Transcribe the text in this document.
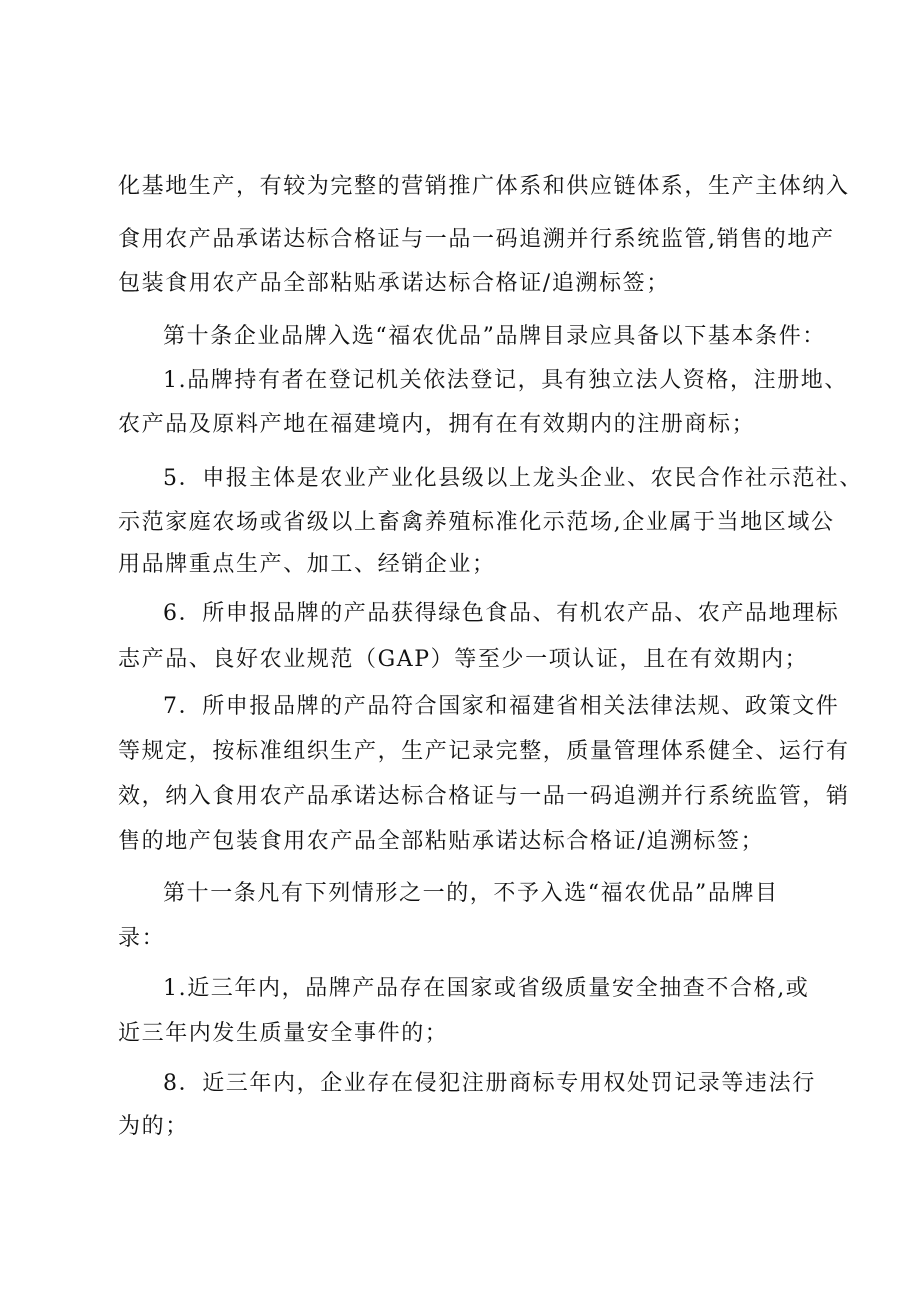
化基地生产，有较为完整的营销推广体系和供应链体系，生产主体纳入
食用农产品承诺达标合格证与一品一码追溯并行系统监管,销售的地产
包装食用农产品全部粘贴承诺达标合格证/追溯标签；
第十条企业品牌入选“福农优品”品牌目录应具备以下基本条件：
1.品牌持有者在登记机关依法登记，具有独立法人资格，注册地、
农产品及原料产地在福建境内，拥有在有效期内的注册商标；
5．申报主体是农业产业化县级以上龙头企业、农民合作社示范社、
示范家庭农场或省级以上畜禽养殖标准化示范场,企业属于当地区域公
用品牌重点生产、加工、经销企业；
6．所申报品牌的产品获得绿色食品、有机农产品、农产品地理标
志产品、良好农业规范（GAP）等至少一项认证，且在有效期内；
7．所申报品牌的产品符合国家和福建省相关法律法规、政策文件
等规定，按标准组织生产，生产记录完整，质量管理体系健全、运行有
效，纳入食用农产品承诺达标合格证与一品一码追溯并行系统监管，销
售的地产包装食用农产品全部粘贴承诺达标合格证/追溯标签；
第十一条凡有下列情形之一的，不予入选“福农优品”品牌目
录：
1.近三年内，品牌产品存在国家或省级质量安全抽查不合格,或
近三年内发生质量安全事件的；
8．近三年内，企业存在侵犯注册商标专用权处罚记录等违法行
为的；
